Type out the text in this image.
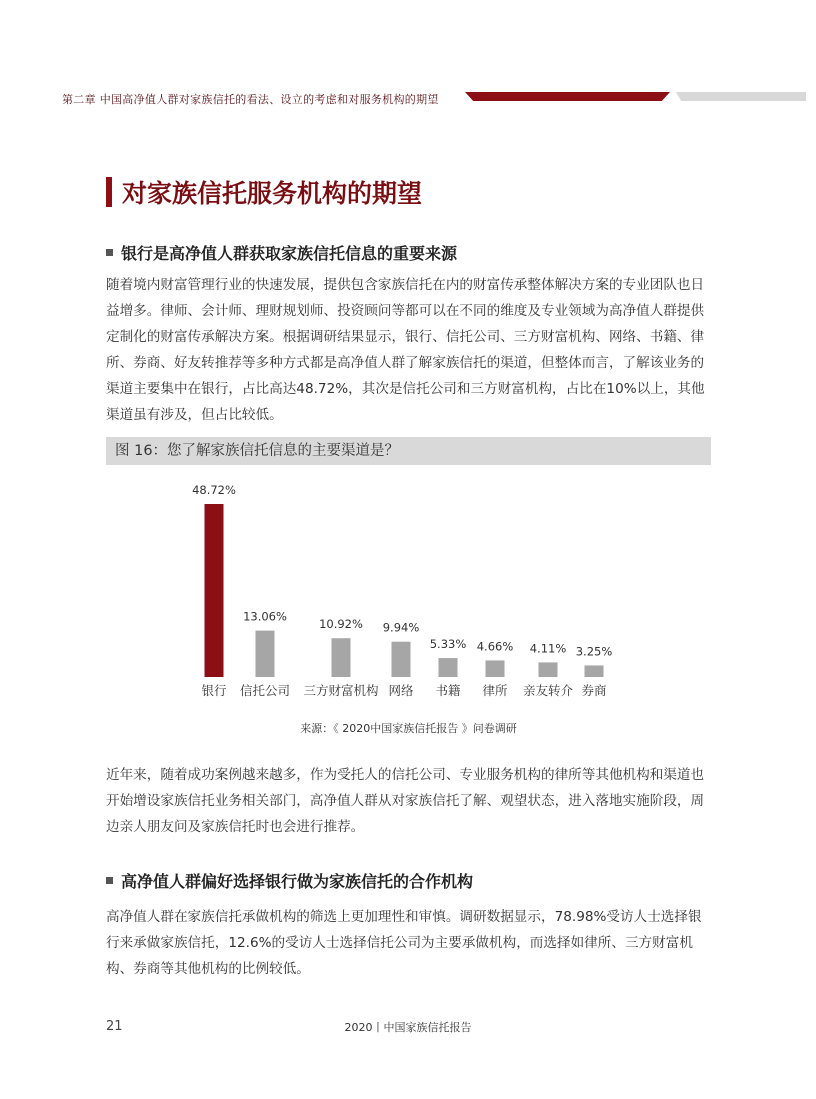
第二章 中国高净值人群对家族信托的看法、设立的考虑和对服务机构的期望
对家族信托服务机构的期望
银行是高净值人群获取家族信托信息的重要来源

随着境内财富管理行业的快速发展，提供包含家族信托在内的财富传承整体解决方案的专业团队也日益增多。律师、会计师、理财规划师、投资顾问等都可以在不同的维度及专业领域为高净值人群提供定制化的财富传承解决方案。根据调研结果显示，银行、信托公司、三方财富机构、网络、书籍、律所、券商、好友转推荐等多种方式都是高净值人群了解家族信托的渠道，但整体而言，了解该业务的渠道主要集中在银行，占比高达48.72%，其次是信托公司和三方财富机构，占比在10%以上，其他渠道虽有涉及，但占比较低。

图 16：您了解家族信托信息的主要渠道是？
48.72%
银行
13.06%
信托公司
10.92%
三方财富机构
9.94%
网络
5.33%
书籍
4.66%
律所
4.11%
亲友转介
3.25%
券商
来源：《 2020中国家族信托报告 》问卷调研

近年来，随着成功案例越来越多，作为受托人的信托公司、专业服务机构的律所等其他机构和渠道也开始增设家族信托业务相关部门，高净值人群从对家族信托了解、观望状态，进入落地实施阶段，周边亲人朋友问及家族信托时也会进行推荐。

高净值人群偏好选择银行做为家族信托的合作机构

高净值人群在家族信托承做机构的筛选上更加理性和审慎。调研数据显示，78.98%受访人士选择银行来承做家族信托，12.6%的受访人士选择信托公司为主要承做机构，而选择如律所、三方财富机构、券商等其他机构的比例较低。

21	2020丨中国家族信托报告
